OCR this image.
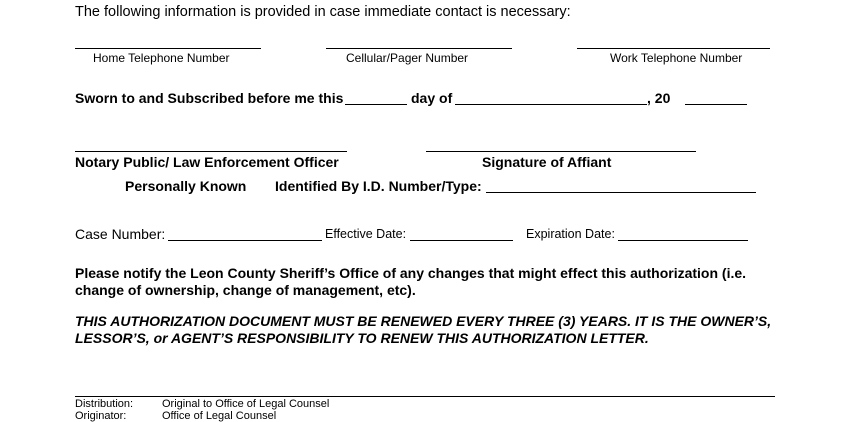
The following information is provided in case immediate contact is necessary:
Home Telephone Number	Cellular/Pager Number	Work Telephone Number
Sworn to and Subscribed before me this	day of	, 20
Notary Public/ Law Enforcement Officer	Signature of Affiant
Personally Known Identified By I.D. Number/Type:
Case Number:	Effective Date:	Expiration Date:
Please notify the Leon County Sheriff’s Office of any changes that might effect this authorization (i.e. change of ownership, change of management, etc).
THIS AUTHORIZATION DOCUMENT MUST BE RENEWED EVERY THREE (3) YEARS. IT IS THE OWNER’S, LESSOR’S, or AGENT’S RESPONSIBILITY TO RENEW THIS AUTHORIZATION LETTER.
Distribution:	Original to Office of Legal Counsel
Originator:	Office of Legal Counsel
